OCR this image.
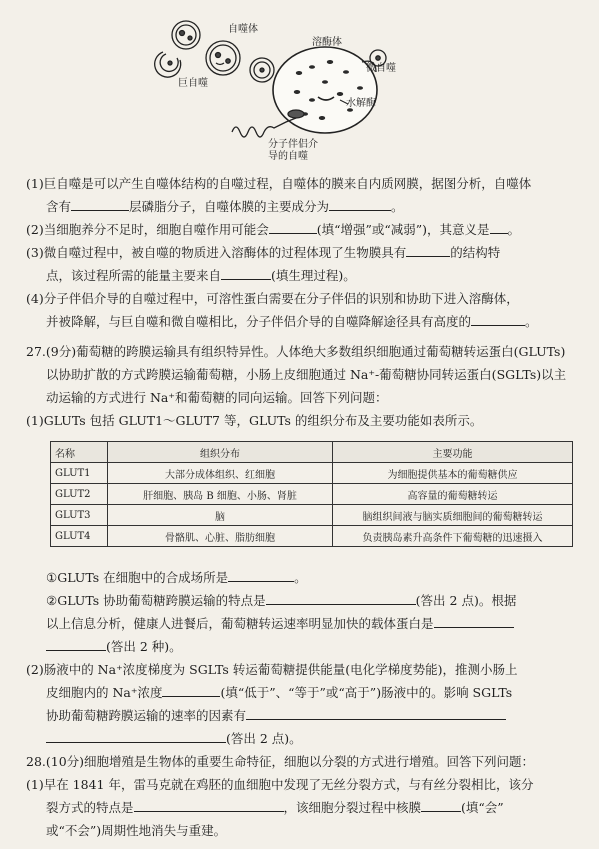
自噬体
溶酶体
微自噬
巨自噬
水解酶
分子伴侣介
导的自噬

(1)巨自噬是可以产生自噬体结构的自噬过程，自噬体的膜来自内质网膜，据图分析，自噬体

含有	层磷脂分子，自噬体膜的主要成分为	。

(2)当细胞养分不足时，细胞自噬作用可能会	(填“增强”或“减弱”)，其意义是 。

(3)微自噬过程中，被自噬的物质进入溶酶体的过程体现了生物膜具有	的结构特

点，该过程所需的能量主要来自	(填生理过程)。

(4)分子伴侣介导的自噬过程中，可溶性蛋白需要在分子伴侣的识别和协助下进入溶酶体，

并被降解，与巨自噬和微自噬相比，分子伴侣介导的自噬降解途径具有高度的	。

27.(9分)葡萄糖的跨膜运输具有组织特异性。人体绝大多数组织细胞通过葡萄糖转运蛋白(GLUTs)以协助扩散的方式跨膜运输葡萄糖，小肠上皮细胞通过 Na⁺-葡萄糖协同转运蛋白(SGLTs)以主动运输的方式进行 Na⁺和葡萄糖的同向运输。回答下列问题：

(1)GLUTs 包括 GLUT1～GLUT7 等，GLUTs 的组织分布及主要功能如表所示。

名称	组织分布	主要功能
GLUT1	大部分成体组织、红细胞	为细胞提供基本的葡萄糖供应
GLUT2	肝细胞、胰岛 B 细胞、小肠、肾脏	高容量的葡萄糖转运
GLUT3	脑	脑组织间液与脑实质细胞间的葡萄糖转运
GLUT4	骨骼肌、心脏、脂肪细胞	负责胰岛素升高条件下葡萄糖的迅速摄入

①GLUTs 在细胞中的合成场所是	。

②GLUTs 协助葡萄糖跨膜运输的特点是	(答出 2 点)。根据

以上信息分析，健康人进餐后，葡萄糖转运速率明显加快的载体蛋白是

(答出 2 种)。

(2)肠液中的 Na⁺浓度梯度为 SGLTs 转运葡萄糖提供能量(电化学梯度势能)，推测小肠上

皮细胞内的 Na⁺浓度	(填“低于”、“等于”或“高于”)肠液中的。影响 SGLTs

协助葡萄糖跨膜运输的速率的因素有

(答出 2 点)。

28.(10分)细胞增殖是生物体的重要生命特征，细胞以分裂的方式进行增殖。回答下列问题：

(1)早在 1841 年，雷马克就在鸡胚的血细胞中发现了无丝分裂方式，与有丝分裂相比，该分

裂方式的特点是	，该细胞分裂过程中核膜	(填“会”

或“不会”)周期性地消失与重建。
